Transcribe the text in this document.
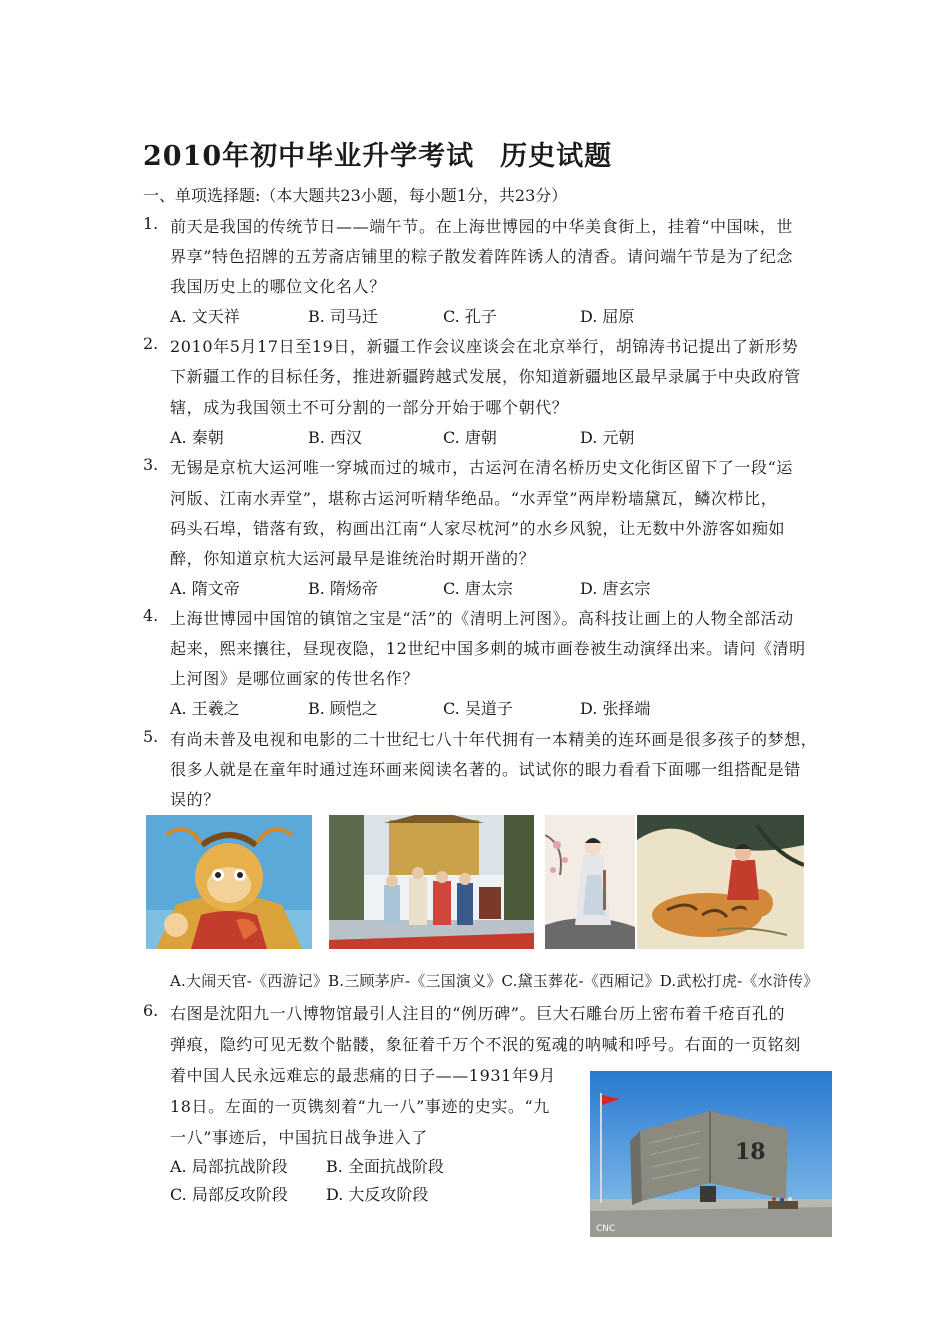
2010年初中毕业升学考试 历史试题
一、单项选择题:（本大题共23小题，每小题1分，共23分）
1. 前天是我国的传统节日——端午节。在上海世博园的中华美食街上，挂着“中国味，世
界享”特色招牌的五芳斋店铺里的粽子散发着阵阵诱人的清香。请问端午节是为了纪念
我国历史上的哪位文化名人？
A. 文天祥	B. 司马迁	C. 孔子	D. 屈原
2. 2010年5月17日至19日，新疆工作会议座谈会在北京举行，胡锦涛书记提出了新形势
下新疆工作的目标任务，推进新疆跨越式发展，你知道新疆地区最早录属于中央政府管
辖，成为我国领土不可分割的一部分开始于哪个朝代？
A. 秦朝	B. 西汉	C. 唐朝	D. 元朝
3. 无锡是京杭大运河唯一穿城而过的城市，古运河在清名桥历史文化街区留下了一段“运
河版、江南水弄堂”，堪称古运河听精华绝品。“水弄堂”两岸粉墙黛瓦，鳞次栉比，
码头石埠，错落有致，构画出江南“人家尽枕河”的水乡风貌，让无数中外游客如痴如
醉，你知道京杭大运河最早是谁统治时期开凿的？
A. 隋文帝	B. 隋炀帝	C. 唐太宗	D. 唐玄宗
4. 上海世博园中国馆的镇馆之宝是“活”的《清明上河图》。高科技让画上的人物全部活动
起来，熙来攘往，昼现夜隐，12世纪中国多刺的城市画卷被生动演绎出来。请问《清明
上河图》是哪位画家的传世名作？
A. 王羲之	B. 顾恺之	C. 吴道子	D. 张择端
5. 有尚未普及电视和电影的二十世纪七八十年代拥有一本精美的连环画是很多孩子的梦想，
很多人就是在童年时通过连环画来阅读名著的。试试你的眼力看看下面哪一组搭配是错
误的？
A.大闹天官-《西游记》B.三顾茅庐-《三国演义》C.黛玉葬花-《西厢记》D.武松打虎-《水浒传》
6. 右图是沈阳九一八博物馆最引人注目的“例历碑”。巨大石雕台历上密布着千疮百孔的
弹痕，隐约可见无数个骷髅，象征着千万个不泯的冤魂的呐喊和呼号。右面的一页铭刻
着中国人民永远难忘的最悲痛的日子——1931年9月
18日。左面的一页镌刻着“九一八”事迹的史实。“九
一八”事迹后，中国抗日战争进入了
A. 局部抗战阶段 B. 全面抗战阶段
C. 局部反攻阶段 D. 大反攻阶段
18
CNC
